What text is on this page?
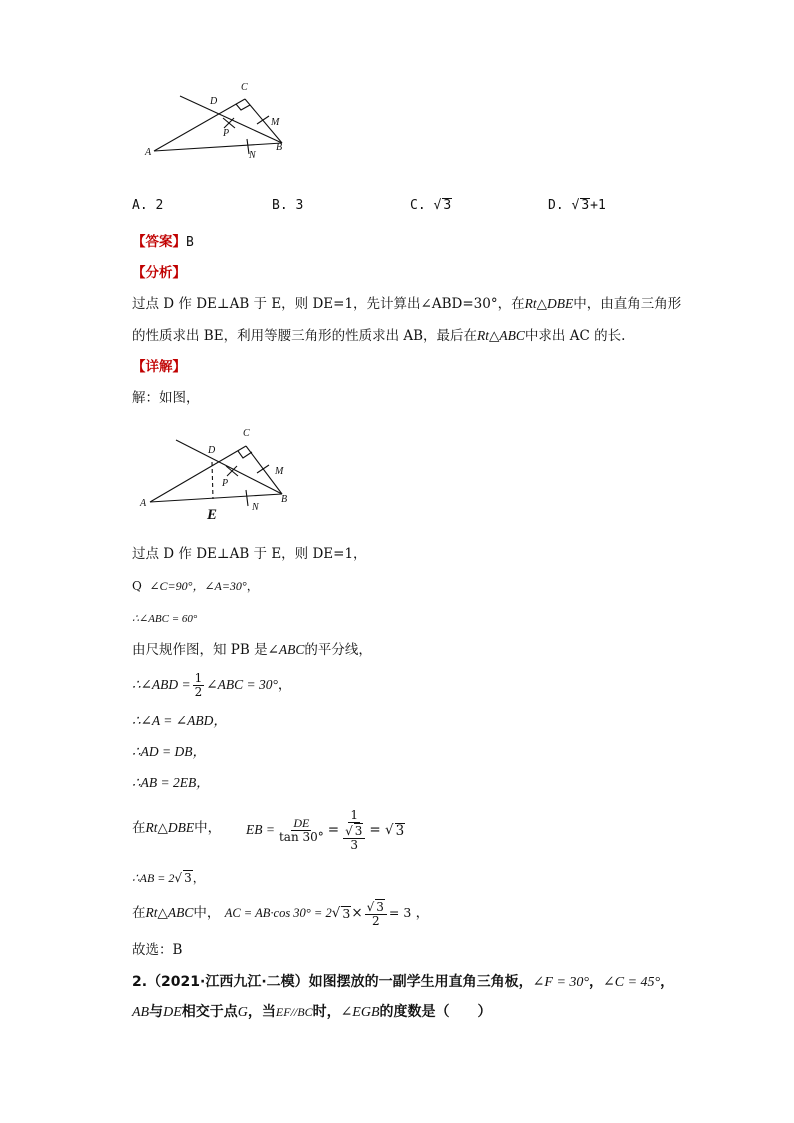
A	B
C
D
M
N
P
A. 2	B. 3	C. √ 3	D. √ 3+1
【答案】B
【分析】
过点 D 作 DE⊥AB 于 E，则 DE=1，先计算出∠ABD=30°，在Rt△DBE中，由直角三角形
的性质求出 BE，利用等腰三角形的性质求出 AB，最后在Rt△ABC中求出 AC 的长.
【详解】
解：如图，
A	B
C
D
E
M
N
P
过点 D 作 DE⊥AB 于 E，则 DE=1，
Q ∠C=90°，∠A=30°，
∴∠ABC = 60°
由尺规作图，知 PB 是∠ABC的平分线，
∴∠ABD = $\frac{1}{2}$ ∠ABC = 30°，
∴∠A = ∠ABD，
∴AD = DB，
∴AB = 2EB，
在Rt△DBE中， EB = $\frac{DE}{\tan 30^\circ} = 1$
√ 3
3 = √ 3
∴AB = 2√ 3，
在 Rt△ABC 中，
AC = AB·cos 30° = 2 √ $3 \times \frac{√ 3}{2} = 3$
，
故选：B
2.（2021·江西九江·二模）如图摆放的一副学生用直角三角板，∠F = 30°，∠C = 45°，
AB与DE相交于点G，当EF//BC时，∠EGB的度数是（　　）
